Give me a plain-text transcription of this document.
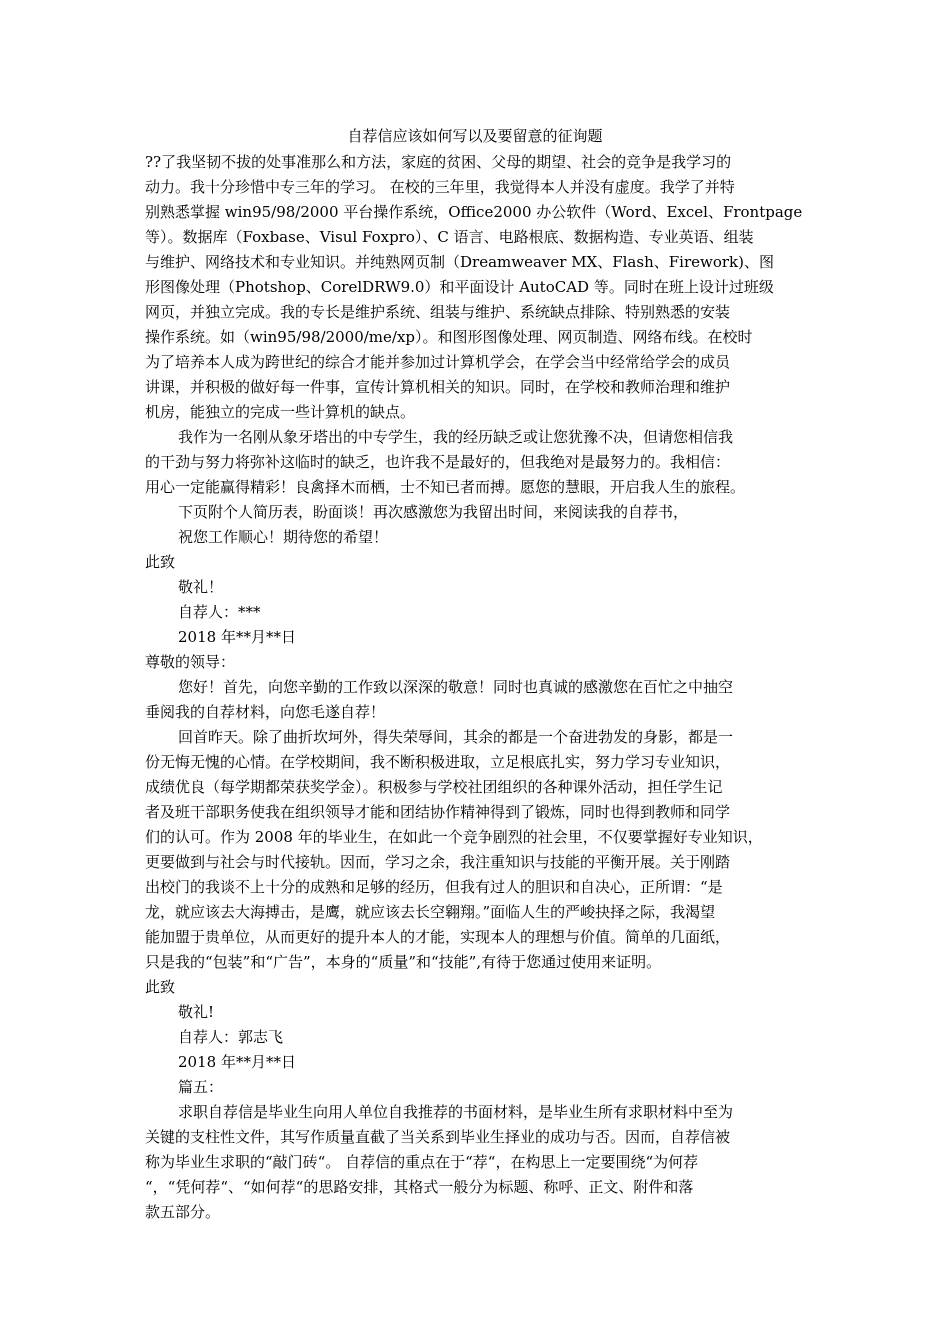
自荐信应该如何写以及要留意的征询题

??了我坚韧不拔的处事准那么和方法，家庭的贫困、父母的期望、社会的竞争是我学习的
动力。我十分珍惜中专三年的学习。 在校的三年里，我觉得本人并没有虚度。我学了并特
别熟悉掌握 win95/98/2000 平台操作系统，Office2000 办公软件（Word、Excel、Frontpage
等）。数据库（Foxbase、Visul Foxpro）、C 语言、电路根底、数据构造、专业英语、组装
与维护、网络技术和专业知识。并纯熟网页制（Dreamweaver MX、Flash、Firework)、图
形图像处理（Photshop、CorelDRW9.0）和平面设计 AutoCAD 等。同时在班上设计过班级
网页，并独立完成。我的专长是维护系统、组装与维护、系统缺点排除、特别熟悉的安装
操作系统。如（win95/98/2000/me/xp）。和图形图像处理、网页制造、网络布线。在校时
为了培养本人成为跨世纪的综合才能并参加过计算机学会，在学会当中经常给学会的成员
讲课，并积极的做好每一件事，宣传计算机相关的知识。同时，在学校和教师治理和维护
机房，能独立的完成一些计算机的缺点。

我作为一名刚从象牙塔出的中专学生，我的经历缺乏或让您犹豫不决，但请您相信我
的干劲与努力将弥补这临时的缺乏，也许我不是最好的，但我绝对是最努力的。我相信：
用心一定能赢得精彩！良禽择木而栖，士不知已者而搏。愿您的慧眼，开启我人生的旅程。

下页附个人简历表，盼面谈！再次感激您为我留出时间，来阅读我的自荐书，

祝您工作顺心！期待您的希望！

此致

敬礼！

自荐人：***

2018 年**月**日

尊敬的领导：

您好！首先，向您辛勤的工作致以深深的敬意！同时也真诚的感激您在百忙之中抽空
垂阅我的自荐材料，向您毛遂自荐！

回首昨天。除了曲折坎坷外，得失荣辱间，其余的都是一个奋进勃发的身影，都是一
份无悔无愧的心情。在学校期间，我不断积极进取，立足根底扎实，努力学习专业知识，
成绩优良（每学期都荣获奖学金）。积极参与学校社团组织的各种课外活动，担任学生记
者及班干部职务使我在组织领导才能和团结协作精神得到了锻炼，同时也得到教师和同学
们的认可。作为 2008 年的毕业生，在如此一个竞争剧烈的社会里，不仅要掌握好专业知识，
更要做到与社会与时代接轨。因而，学习之余，我注重知识与技能的平衡开展。关于刚踏
出校门的我谈不上十分的成熟和足够的经历，但我有过人的胆识和自决心，正所谓：“是
龙，就应该去大海搏击，是鹰，就应该去长空翱翔。”面临人生的严峻抉择之际，我渴望
能加盟于贵单位，从而更好的提升本人的才能，实现本人的理想与价值。简单的几面纸，
只是我的“包装”和“广告”，本身的“质量”和“技能”,有待于您通过使用来证明。

此致

敬礼!

自荐人：郭志飞

2018 年**月**日

篇五：

求职自荐信是毕业生向用人单位自我推荐的书面材料，是毕业生所有求职材料中至为
关键的支柱性文件，其写作质量直截了当关系到毕业生择业的成功与否。因而，自荐信被
称为毕业生求职的“敲门砖“。 自荐信的重点在于“荐“，在构思上一定要围绕“为何荐
“，“凭何荐“、“如何荐“的思路安排，其格式一般分为标题、称呼、正文、附件和落
款五部分。
